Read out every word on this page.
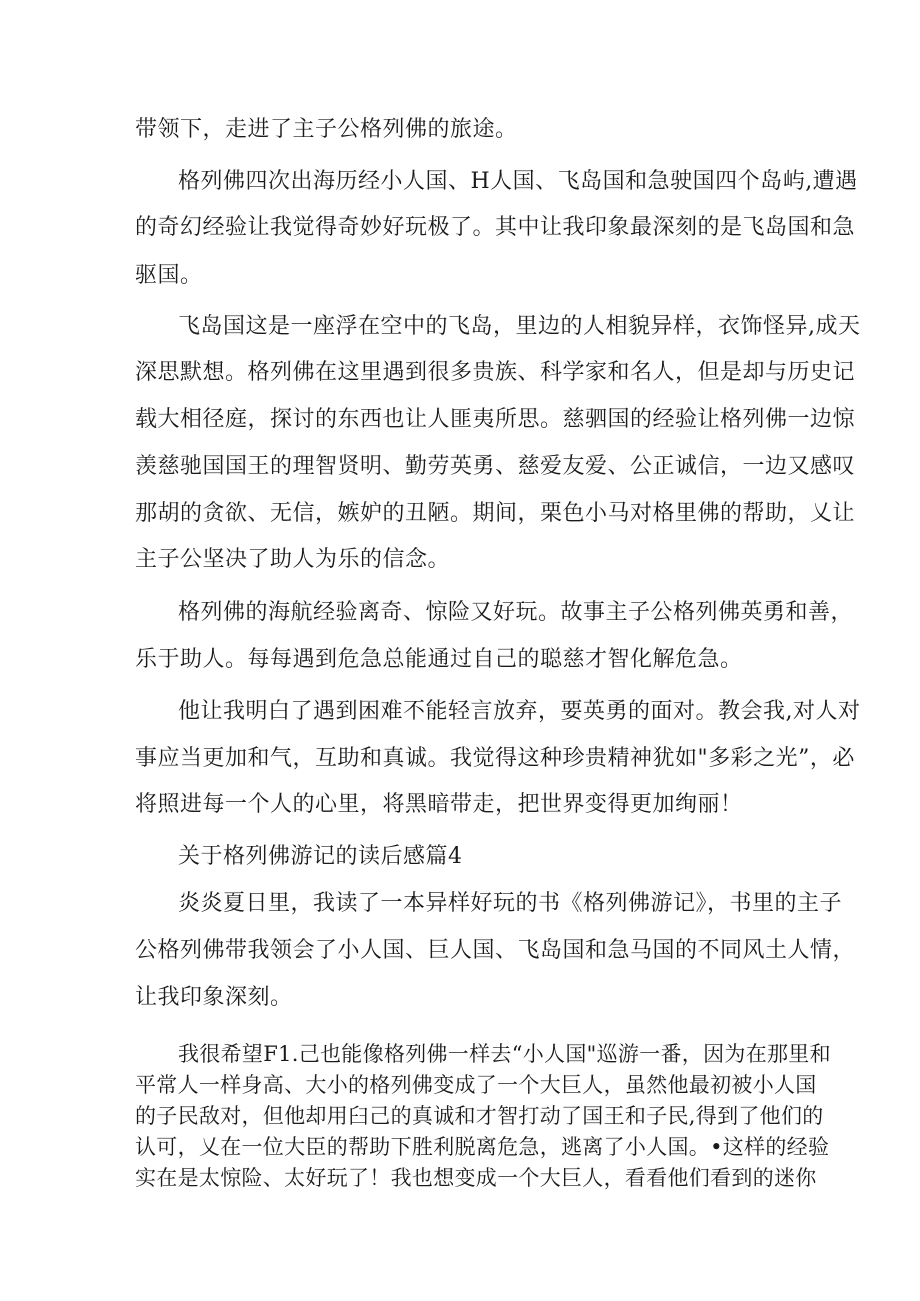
带领下，走进了主子公格列佛的旅途。
格列佛四次出海历经小人国、H人国、飞岛国和急驶国四个岛屿,遭遇
的奇幻经验让我觉得奇妙好玩极了。其中让我印象最深刻的是飞岛国和急
驱国。
飞岛国这是一座浮在空中的飞岛，里边的人相貌异样，衣饰怪异,成天
深思默想。格列佛在这里遇到很多贵族、科学家和名人，但是却与历史记
载大相径庭，探讨的东西也让人匪夷所思。慈驷国的经验让格列佛一边惊
羡慈驰国国王的理智贤明、勤劳英勇、慈爱友爱、公正诚信，一边又感叹
那胡的贪欲、无信，嫉妒的丑陋。期间，栗色小马对格里佛的帮助，乂让
主子公坚决了助人为乐的信念。
格列佛的海航经验离奇、惊险又好玩。故事主子公格列佛英勇和善，
乐于助人。每每遇到危急总能通过自己的聪慈才智化解危急。
他让我明白了遇到困难不能轻言放弃，要英勇的面对。教会我,对人对
事应当更加和气，互助和真诚。我觉得这种珍贵精神犹如"多彩之光”，必
将照进每一个人的心里，将黑暗带走，把世界变得更加绚丽！
关于格列佛游记的读后感篇4
炎炎夏日里，我读了一本异样好玩的书《格列佛游记》，书里的主子
公格列佛带我领会了小人国、巨人国、飞岛国和急马国的不同风土人情，
让我印象深刻。
我很希望F1.己也能像格列佛一样去“小人国"巡游一番，因为在那里和
平常人一样身高、大小的格列佛变成了一个大巨人，虽然他最初被小人国
的子民敌对，但他却用臼己的真诚和才智打动了国王和子民,得到了他们的
认可，乂在一位大臣的帮助下胜利脱离危急，逃离了小人国。•这样的经验
实在是太惊险、太好玩了！我也想变成一个大巨人，看看他们看到的迷你
